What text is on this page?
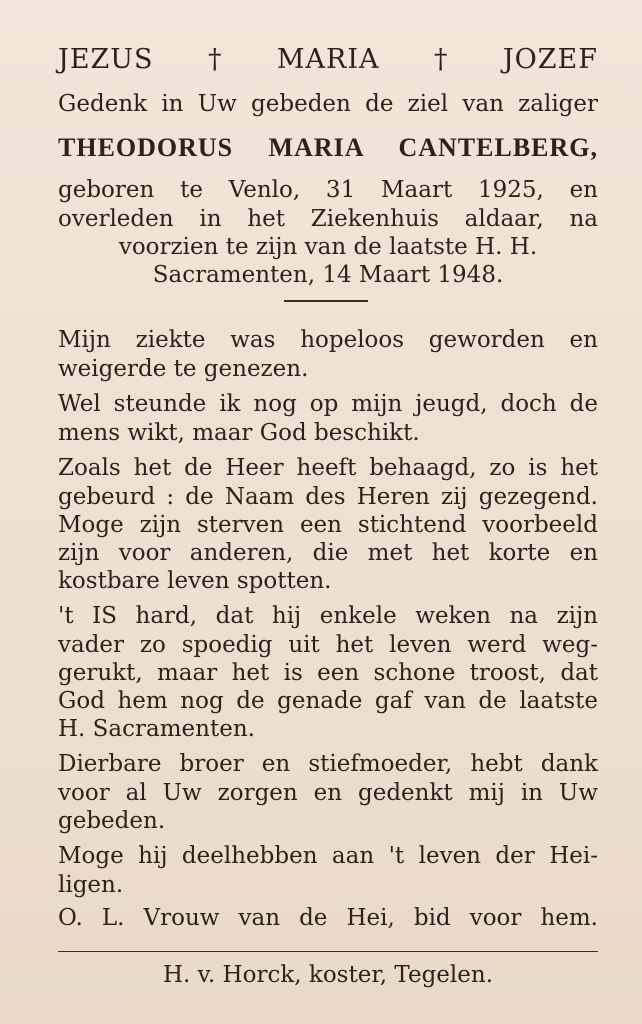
JEZUS † MARIA † JOZEF
Gedenk in Uw gebeden de ziel van zaliger
THEODORUS MARIA CANTELBERG,
geboren te Venlo, 31 Maart 1925, en
overleden in het Ziekenhuis aldaar, na
voorzien te zijn van de laatste H. H.
Sacramenten, 14 Maart 1948.
Mijn ziekte was hopeloos geworden en
weigerde te genezen.
Wel steunde ik nog op mijn jeugd, doch de
mens wikt, maar God beschikt.
Zoals het de Heer heeft behaagd, zo is het
gebeurd : de Naam des Heren zij gezegend.
Moge zijn sterven een stichtend voorbeeld
zijn voor anderen, die met het korte en
kostbare leven spotten.
't IS hard, dat hij enkele weken na zijn
vader zo spoedig uit het leven werd weg-
gerukt, maar het is een schone troost, dat
God hem nog de genade gaf van de laatste
H. Sacramenten.
Dierbare broer en stiefmoeder, hebt dank
voor al Uw zorgen en gedenkt mij in Uw
gebeden.
Moge hij deelhebben aan 't leven der Hei-
ligen.
O. L. Vrouw van de Hei, bid voor hem.
H. v. Horck, koster, Tegelen.
